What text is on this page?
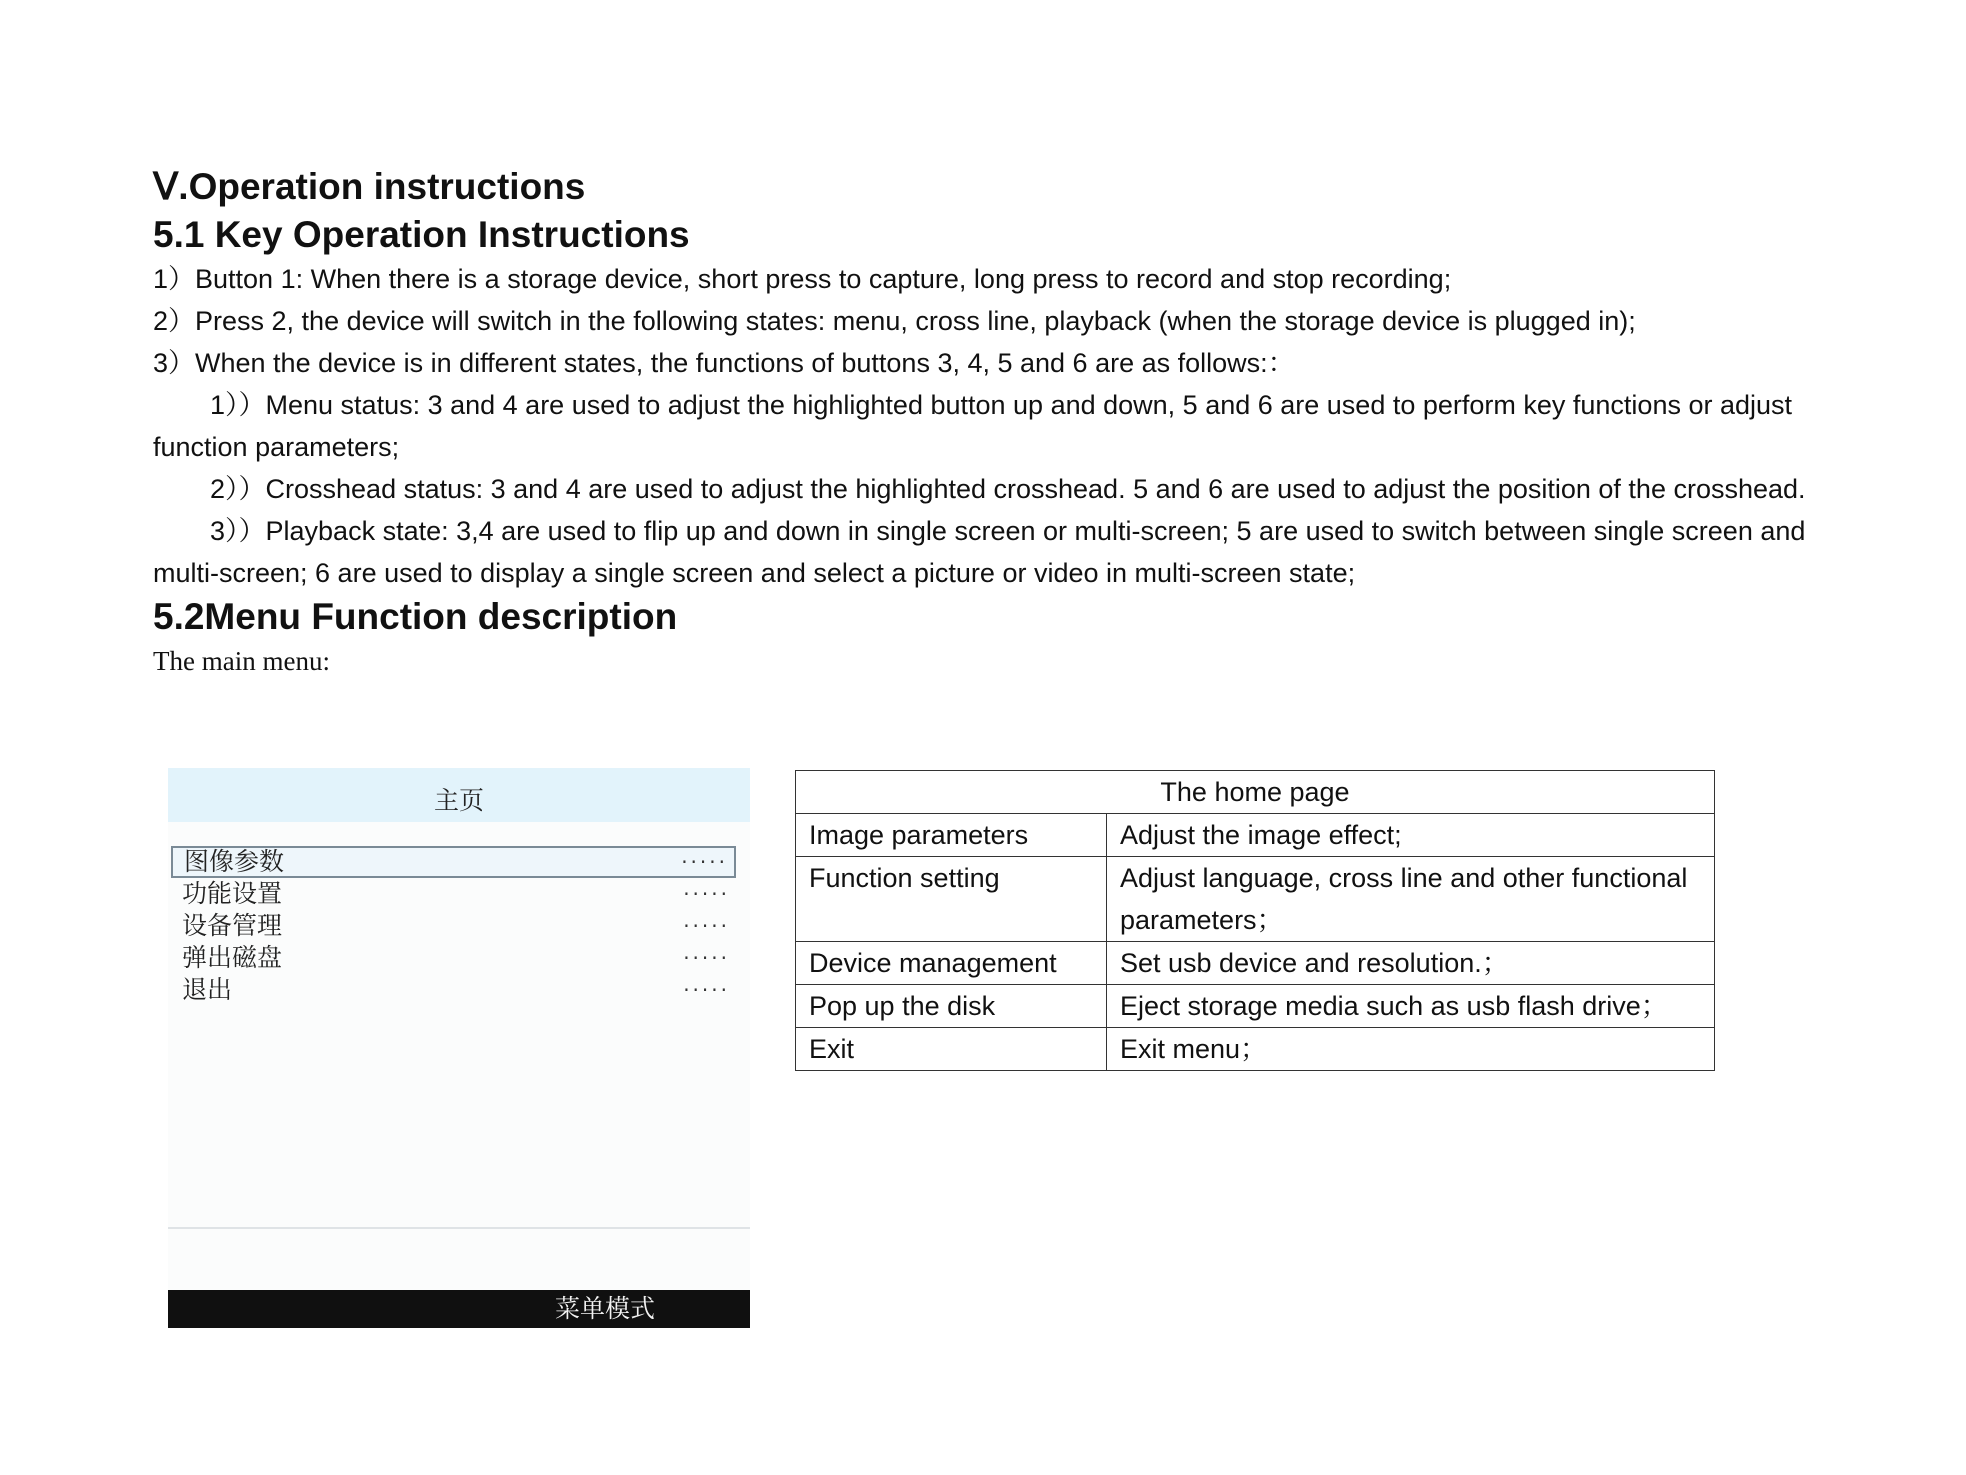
Ⅴ.Operation instructions
5.1 Key Operation Instructions
1）Button 1: When there is a storage device, short press to capture, long press to record and stop recording;
2）Press 2, the device will switch in the following states: menu, cross line, playback (when the storage device is plugged in);
3）When the device is in different states, the functions of buttons 3, 4, 5 and 6 are as follows:：
1））Menu status: 3 and 4 are used to adjust the highlighted button up and down, 5 and 6 are used to perform key functions or adjust function parameters;
2））Crosshead status: 3 and 4 are used to adjust the highlighted crosshead. 5 and 6 are used to adjust the position of the crosshead.
3））Playback state: 3,4 are used to flip up and down in single screen or multi-screen; 5 are used to switch between single screen and multi-screen; 6 are used to display a single screen and select a picture or video in multi-screen state;
5.2Menu Function description
The main menu:
主页
图像参数	·····
功能设置	·····
设备管理	·····
弹出磁盘	·····
退出	·····
菜单模式
The home page	
Image parameters	Adjust the image effect;
Function setting	Adjust language, cross line and other functional parameters；
Device management	Set usb device and resolution.；
Pop up the disk	Eject storage media such as usb flash drive；
Exit	Exit menu；
